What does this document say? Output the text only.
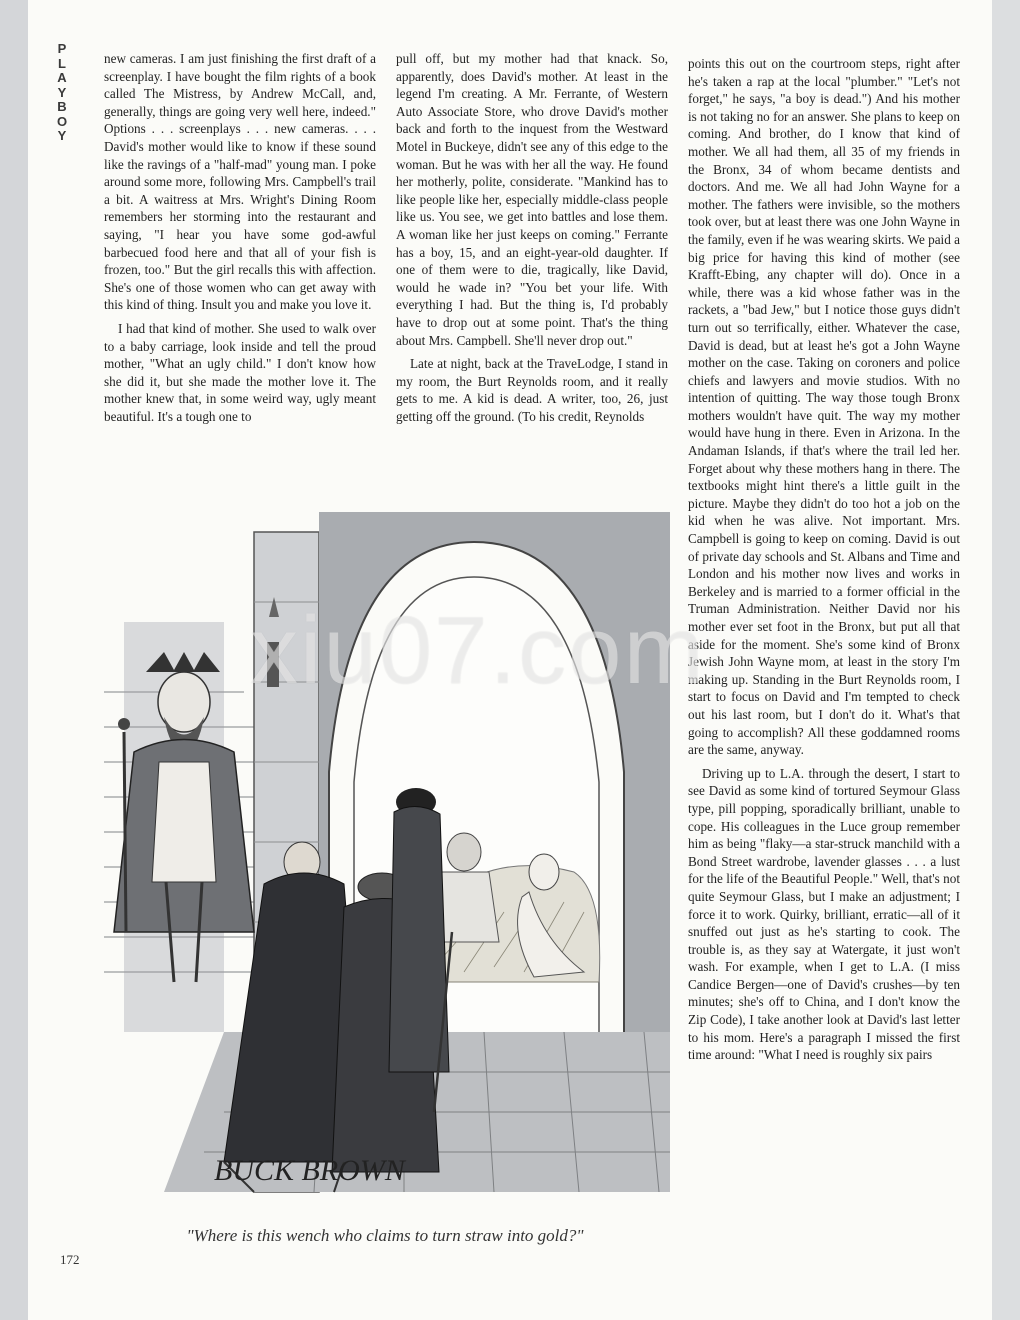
P
L
A
Y
B
O
Y

new cameras. I am just finishing the first draft of a screenplay. I have bought the film rights of a book called The Mistress, by Andrew McCall, and, generally, things are going very well here, indeed." Options . . . screenplays . . . new cameras. . . . David's mother would like to know if these sound like the ravings of a "half-mad" young man. I poke around some more, following Mrs. Campbell's trail a bit. A waitress at Mrs. Wright's Dining Room remembers her storming into the restaurant and saying, "I hear you have some god-awful barbecued food here and that all of your fish is frozen, too." But the girl recalls this with affection. She's one of those women who can get away with this kind of thing. Insult you and make you love it.

I had that kind of mother. She used to walk over to a baby carriage, look inside and tell the proud mother, "What an ugly child." I don't know how she did it, but she made the mother love it. The mother knew that, in some weird way, ugly meant beautiful. It's a tough one to

pull off, but my mother had that knack. So, apparently, does David's mother. At least in the legend I'm creating. A Mr. Ferrante, of Western Auto Associate Store, who drove David's mother back and forth to the inquest from the Westward Motel in Buckeye, didn't see any of this edge to the woman. But he was with her all the way. He found her motherly, polite, considerate. "Mankind has to like people like her, especially middle-class people like us. You see, we get into battles and lose them. A woman like her just keeps on coming." Ferrante has a boy, 15, and an eight-year-old daughter. If one of them were to die, tragically, like David, would he wade in? "You bet your life. With everything I had. But the thing is, I'd probably have to drop out at some point. That's the thing about Mrs. Campbell. She'll never drop out."

Late at night, back at the TraveLodge, I stand in my room, the Burt Reynolds room, and it really gets to me. A kid is dead. A writer, too, 26, just getting off the ground. (To his credit, Reynolds

points this out on the courtroom steps, right after he's taken a rap at the local "plumber." "Let's not forget," he says, "a boy is dead.") And his mother is not taking no for an answer. She plans to keep on coming. And brother, do I know that kind of mother. We all had them, all 35 of my friends in the Bronx, 34 of whom became dentists and doctors. And me. We all had John Wayne for a mother. The fathers were invisible, so the mothers took over, but at least there was one John Wayne in the family, even if he was wearing skirts. We paid a big price for having this kind of mother (see Krafft-Ebing, any chapter will do). Once in a while, there was a kid whose father was in the rackets, a "bad Jew," but I notice those guys didn't turn out so terrifically, either. Whatever the case, David is dead, but at least he's got a John Wayne mother on the case. Taking on coroners and police chiefs and lawyers and movie studios. With no intention of quitting. The way those tough Bronx mothers wouldn't have quit. The way my mother would have hung in there. Even in Arizona. In the Andaman Islands, if that's where the trail led her. Forget about why these mothers hang in there. The textbooks might hint there's a little guilt in the picture. Maybe they didn't do too hot a job on the kid when he was alive. Not important. Mrs. Campbell is going to keep on coming. David is out of private day schools and St. Albans and Time and London and his mother now lives and works in Berkeley and is married to a former official in the Truman Administration. Neither David nor his mother ever set foot in the Bronx, but put all that aside for the moment. She's some kind of Bronx Jewish John Wayne mom, at least in the story I'm making up. Standing in the Burt Reynolds room, I start to focus on David and I'm tempted to check out his last room, but I don't do it. What's that going to accomplish? All these goddamned rooms are the same, anyway.

Driving up to L.A. through the desert, I start to see David as some kind of tortured Seymour Glass type, pill popping, sporadically brilliant, unable to cope. His colleagues in the Luce group remember him as being "flaky—a star-struck manchild with a Bond Street wardrobe, lavender glasses . . . a lust for the life of the Beautiful People." Well, that's not quite Seymour Glass, but I make an adjustment; I force it to work. Quirky, brilliant, erratic—all of it snuffed out just as he's starting to cook. The trouble is, as they say at Watergate, it just won't wash. For example, when I get to L.A. (I miss Candice Bergen—one of David's crushes—by ten minutes; she's off to China, and I don't know the Zip Code), I take another look at David's last letter to his mom. Here's a paragraph I missed the first time around: "What I need is roughly six pairs

BUCK BROWN
"Where is this wench who claims to turn straw into gold?"
172
xiu07.com
